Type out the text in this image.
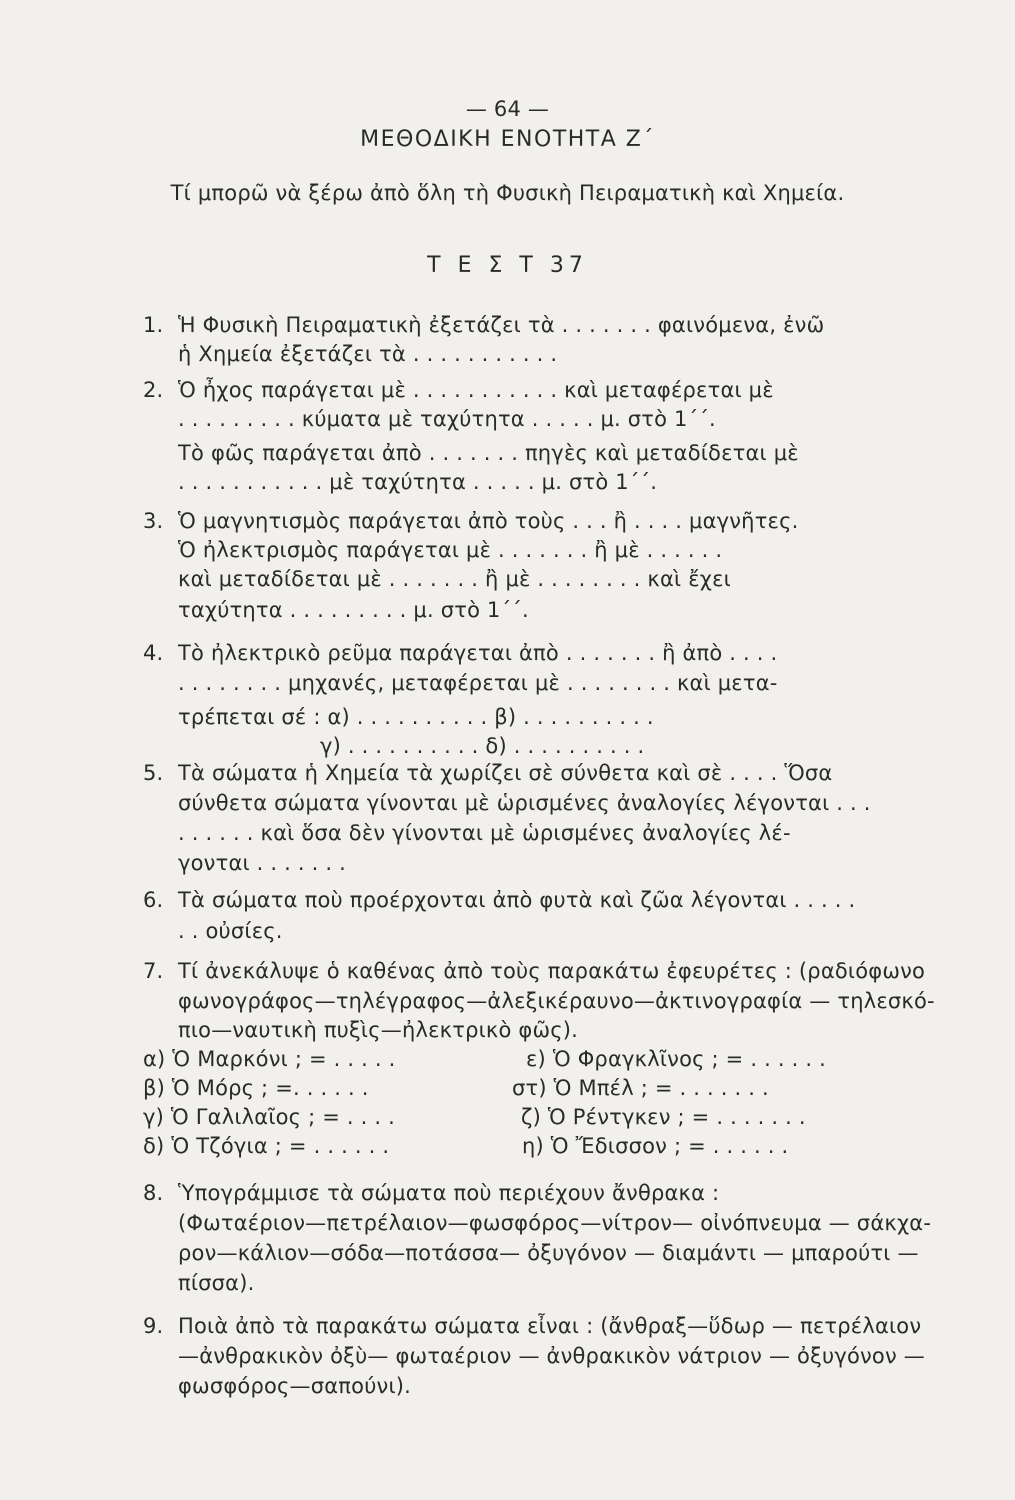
— 64 —
ΜΕΘΟΔΙΚΗ ΕΝΟΤΗΤΑ Ζ΄
Τί μπορῶ νὰ ξέρω ἀπὸ ὅλη τὴ Φυσικὴ Πειραματικὴ καὶ Χημεία.
Τ Ε Σ Τ 37
1. Ἡ Φυσικὴ Πειραματικὴ ἐξετάζει τὰ . . . . . . . φαινόμενα, ἐνῶ
ἡ Χημεία ἐξετάζει τὰ . . . . . . . . . . .
2. Ὁ ἦχος παράγεται μὲ . . . . . . . . . . . καὶ μεταφέρεται μὲ
. . . . . . . . . κύματα μὲ ταχύτητα . . . . . μ. στὸ 1΄΄.
Τὸ φῶς παράγεται ἀπὸ . . . . . . . πηγὲς καὶ μεταδίδεται μὲ
. . . . . . . . . . . μὲ ταχύτητα . . . . . μ. στὸ 1΄΄.
3. Ὁ μαγνητισμὸς παράγεται ἀπὸ τοὺς . . . ἢ . . . . μαγνῆτες.
Ὁ ἠλεκτρισμὸς παράγεται μὲ . . . . . . . ἢ μὲ . . . . . .
καὶ μεταδίδεται μὲ . . . . . . . ἢ μὲ . . . . . . . . καὶ ἔχει
ταχύτητα . . . . . . . . . μ. στὸ 1΄΄.
4. Τὸ ἠλεκτρικὸ ρεῦμα παράγεται ἀπὸ . . . . . . . ἢ ἀπὸ . . . .
. . . . . . . . μηχανές, μεταφέρεται μὲ . . . . . . . . καὶ μετα-
τρέπεται σέ : α) . . . . . . . . . . β) . . . . . . . . . .
γ) . . . . . . . . . . δ) . . . . . . . . . .
5. Τὰ σώματα ἡ Χημεία τὰ χωρίζει σὲ σύνθετα καὶ σὲ . . . . Ὅσα
σύνθετα σώματα γίνονται μὲ ὡρισμένες ἀναλογίες λέγονται . . .
. . . . . . καὶ ὅσα δὲν γίνονται μὲ ὡρισμένες ἀναλογίες λέ-
γονται . . . . . . .
6. Τὰ σώματα ποὺ προέρχονται ἀπὸ φυτὰ καὶ ζῶα λέγονται . . . . .
. . οὐσίες.
7. Τί ἀνεκάλυψε ὁ καθένας ἀπὸ τοὺς παρακάτω ἐφευρέτες : (ραδιόφωνο
φωνογράφος—τηλέγραφος—ἀλεξικέραυνο—ἀκτινογραφία — τηλεσκό-
πιο—ναυτικὴ πυξὶς—ἠλεκτρικὸ φῶς).
α) Ὁ Μαρκόνι ; = . . . . .
β) Ὁ Μόρς ; =. . . . . .
γ) Ὁ Γαλιλαῖος ; = . . . .
δ) Ὁ Τζόγια ; = . . . . . .
ε) Ὁ Φραγκλῖνος ; = . . . . . .
στ) Ὁ Μπέλ ; = . . . . . . .
ζ) Ὁ Ρέντγκεν ; = . . . . . . .
η) Ὁ Ἔδισσον ; = . . . . . .
8. Ὑπογράμμισε τὰ σώματα ποὺ περιέχουν ἄνθρακα :
(Φωταέριον—πετρέλαιον—φωσφόρος—νίτρον— οἰνόπνευμα — σάκχα-
ρον—κάλιον—σόδα—ποτάσσα— ὀξυγόνον — διαμάντι — μπαρούτι —
πίσσα).
9. Ποιὰ ἀπὸ τὰ παρακάτω σώματα εἶναι : (ἄνθραξ—ὕδωρ — πετρέλαιον
—ἀνθρακικὸν ὀξὺ— φωταέριον — ἀνθρακικὸν νάτριον — ὀξυγόνον —
φωσφόρος—σαπούνι).
